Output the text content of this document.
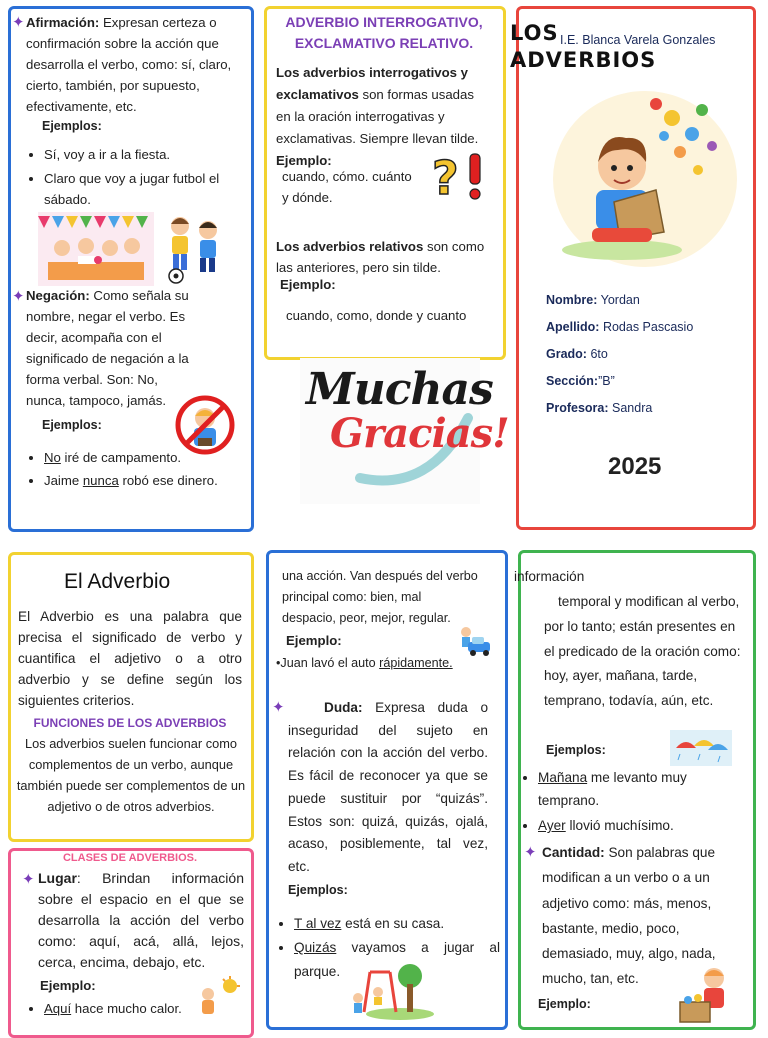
✦ Afirmación: Expresan certeza o confirmación sobre la acción que desarrolla el verbo, como: sí, claro, cierto, también, por supuesto, efectivamente, etc.

Ejemplos:

• Sí, voy a ir a la fiesta.
• Claro que voy a jugar futbol el sábado.
✦ Negación: Como señala su nombre, negar el verbo. Es decir, acompaña con el significado de negación a la forma verbal. Son: No, nunca, tampoco, jamás.

Ejemplos:

• No iré de campamento.
• Jaime nunca robó ese dinero.

ADVERBIO INTERROGATIVO,
EXCLAMATIVO RELATIVO.

Los adverbios interrogativos y exclamativos son formas usadas en la oración interrogativas y exclamativas. Siempre llevan tilde. Ejemplo:

cuando, cómo. cuánto y dónde.	?

Los adverbios relativos son como las anteriores, pero sin tilde.

Ejemplo:

cuando, como, donde y cuanto

Muchas
Gracias!

LOS
ADVERBIOS

I.E. Blanca Varela Gonzales

Nombre: Yordan

Apellido: Rodas Pascasio

Grado: 6to

Sección:”B”

Profesora: Sandra

2025

El Adverbio

El Adverbio es una palabra que precisa el significado de verbo y cuantifica el adjetivo o a otro adverbio y se define según los siguientes criterios.

FUNCIONES DE LOS ADVERBIOS

Los adverbios suelen funcionar como complementos de un verbo, aunque también puede ser complementos de un adjetivo o de otros adverbios.

CLASES DE ADVERBIOS.

✦ Lugar: Brindan información sobre el espacio en el que se desarrolla la acción del verbo como: aquí, acá, allá, lejos, cerca, encima, debajo, etc.

Ejemplo:

• Aquí hace mucho calor.

una acción. Van después del verbo principal como: bien, mal despacio, peor, mejor, regular.

Ejemplo:

•Juan lavó el auto rápidamente.

✦	Duda: Expresa duda o inseguridad del sujeto en relación con la acción del verbo. Es fácil de reconocer ya que se puede sustituir por “quizás”. Estos son: quizá, quizás, ojalá, acaso, posiblemente, tal vez, etc.

Ejemplos:

• T al vez está en su casa.
• Quizás vayamos a jugar al parque.

información

temporal y modifican al verbo, por lo tanto; están presentes en el predicado de la oración como: hoy, ayer, mañana, tarde, temprano, todavía, aún, etc.

Ejemplos:

• Mañana me levanto muy temprano.
• Ayer llovió muchísimo.
✦ Cantidad: Son palabras que modifican a un verbo o a un adjetivo como: más, menos, bastante, medio, poco, demasiado, muy, algo, nada, mucho, tan, etc.

Ejemplo:
